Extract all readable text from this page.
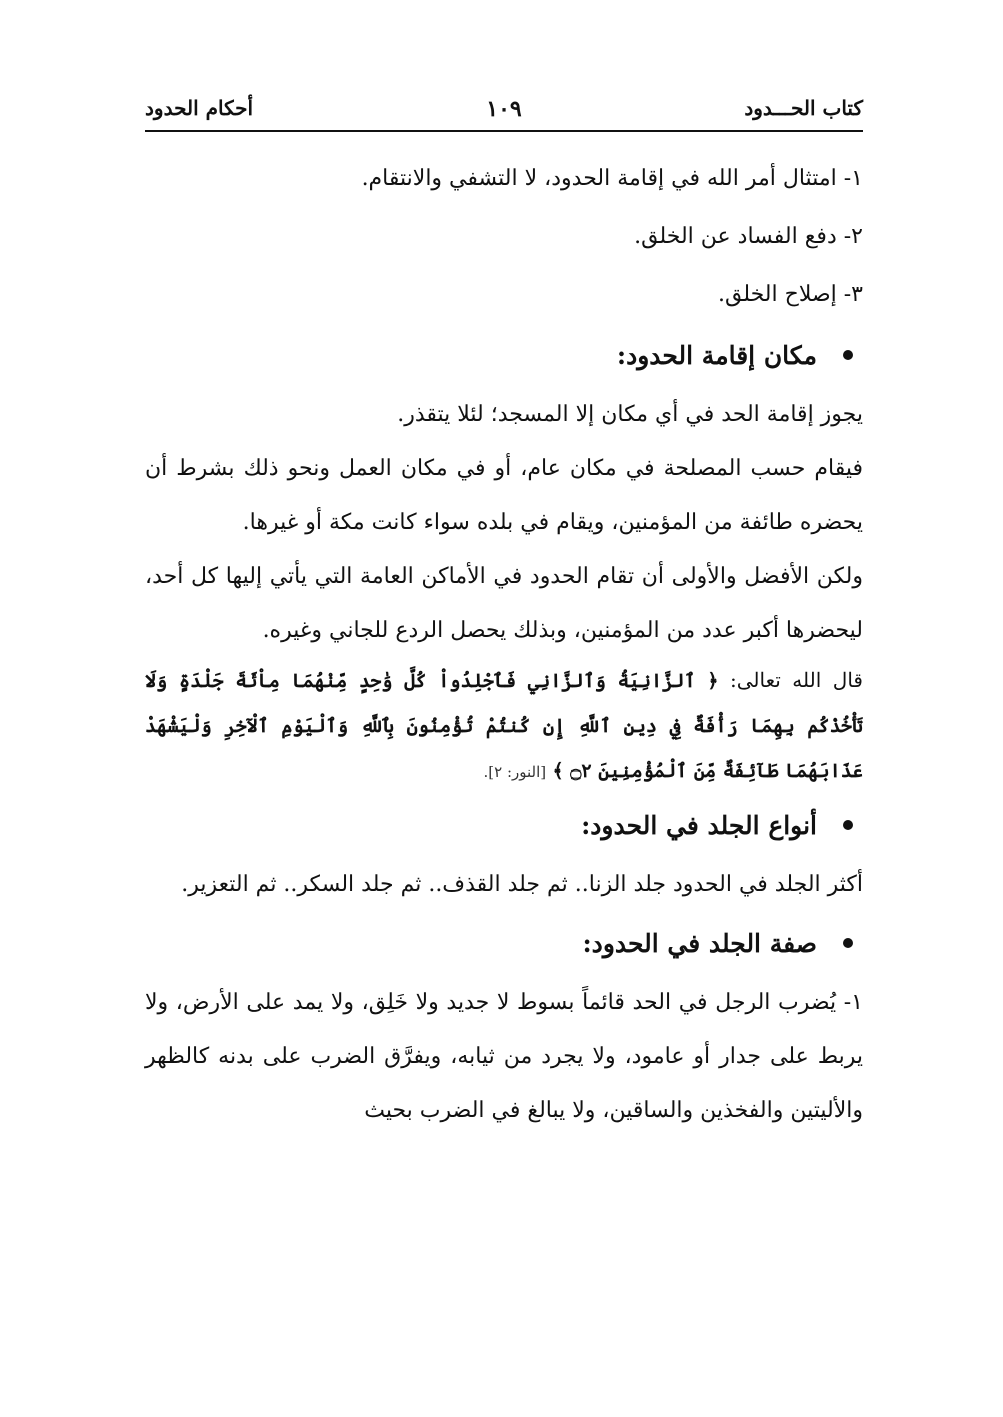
كتاب الحـــدود
١٠٩
أحكام الحدود

١- امتثال أمر الله في إقامة الحدود، لا التشفي والانتقام.

٢- دفع الفساد عن الخلق.

٣- إصلاح الخلق.

مكان إقامة الحدود:

يجوز إقامة الحد في أي مكان إلا المسجد؛ لئلا يتقذر.

فيقام حسب المصلحة في مكان عام، أو في مكان العمل ونحو ذلك بشرط أن يحضره طائفة من المؤمنين، ويقام في بلده سواء كانت مكة أو غيرها.

ولكن الأفضل والأولى أن تقام الحدود في الأماكن العامة التي يأتي إليها كل أحد، ليحضرها أكبر عدد من المؤمنين، وبذلك يحصل الردع للجاني وغيره.

قال الله تعالى: ﴿ ٱلزَّانِيَةُ وَٱلزَّانِي فَٱجْلِدُواْ كُلَّ وَٰحِدٍ مِّنْهُمَا مِاْئَةَ جَلْدَةٍ وَلَا تَأْخُذْكُم بِهِمَا رَأْفَةٌ فِي دِينِ ٱللَّهِ إِن كُنتُمْ تُؤْمِنُونَ بِٱللَّهِ وَٱلْيَوْمِ ٱلْآخِرِ وَلْيَشْهَدْ عَذَابَهُمَا طَآئِفَةٌ مِّنَ ٱلْمُؤْمِنِينَ ۝٢ ﴾ [النور: ٢].

أنواع الجلد في الحدود:

أكثر الجلد في الحدود جلد الزنا.. ثم جلد القذف.. ثم جلد السكر.. ثم التعزير.

صفة الجلد في الحدود:

١- يُضرب الرجل في الحد قائماً بسوط لا جديد ولا خَلِق، ولا يمد على الأرض، ولا يربط على جدار أو عامود، ولا يجرد من ثيابه، ويفرَّق الضرب على بدنه كالظهر والأليتين والفخذين والساقين، ولا يبالغ في الضرب بحيث
